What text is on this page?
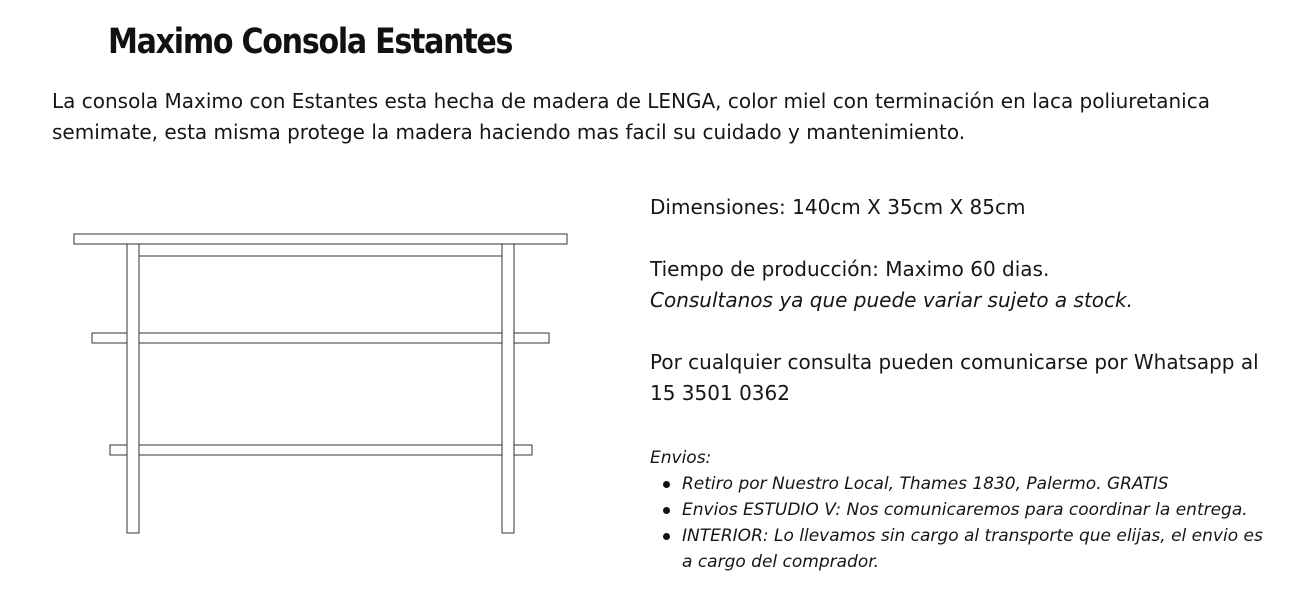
Maximo Consola Estantes

La consola Maximo con Estantes esta hecha de madera de LENGA, color miel con terminación en laca poliuretanica semimate, esta misma protege la madera haciendo mas facil su cuidado y mantenimiento.

Dimensiones: 140cm X 35cm X 85cm

Tiempo de producción: Maximo 60 dias.

Consultanos ya que puede variar sujeto a stock.

Por cualquier consulta pueden comunicarse por Whatsapp al 15 3501 0362

Envios:
Retiro por Nuestro Local, Thames 1830, Palermo. GRATIS
Envios ESTUDIO V: Nos comunicaremos para coordinar la entrega.
INTERIOR: Lo llevamos sin cargo al transporte que elijas, el envio es a cargo del comprador.
